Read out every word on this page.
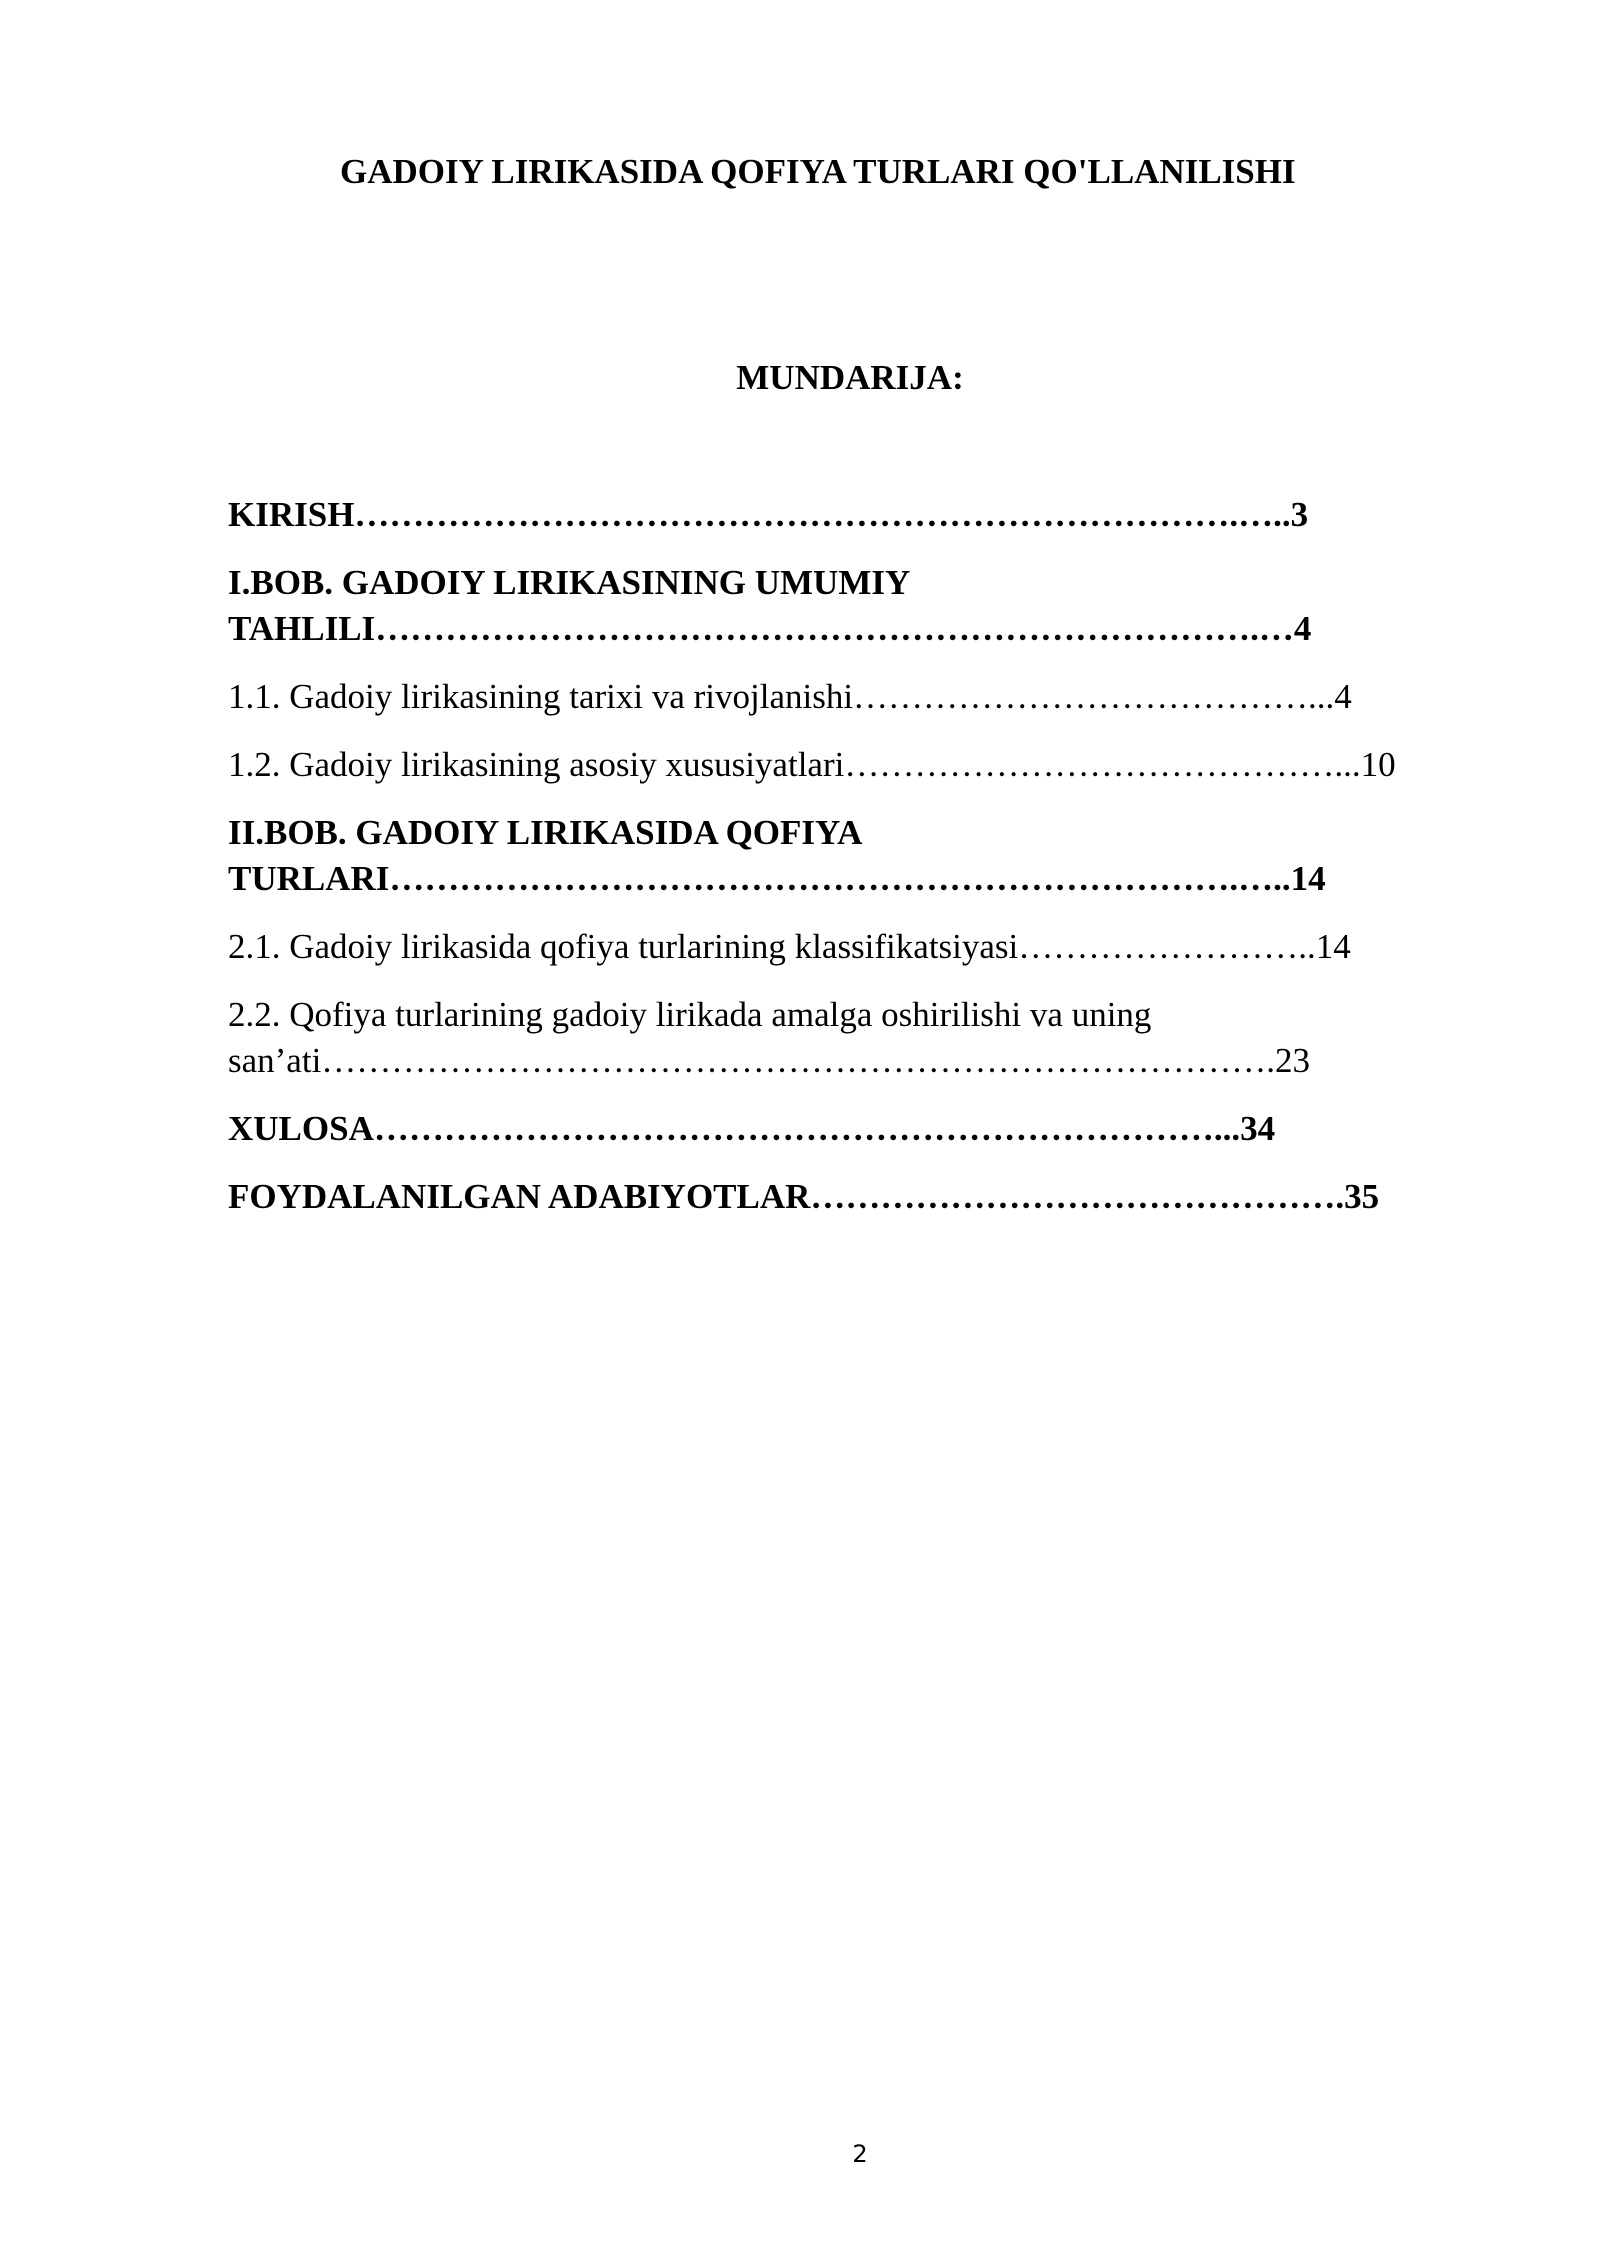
GADOIY LIRIKASIDA QOFIYA TURLARI QO'LLANILISHI
MUNDARIJA:
KIRISH………………………………………………………………….…..3
I.BOB. GADOIY LIRIKASINING UMUMIY
TAHLILI………………………………………………………………….…4
1.1. Gadoiy lirikasining tarixi va rivojlanishi…………………………………...4
1.2. Gadoiy lirikasining asosiy xususiyatlari……………………………………...10
II.BOB. GADOIY LIRIKASIDA QOFIYA
TURLARI……………………………………………………………….…..14
2.1. Gadoiy lirikasida qofiya turlarining klassifikatsiyasi……………………..14
2.2. Qofiya turlarining gadoiy lirikada amalga oshirilishi va uning
san’ati……………………………………………………………………….23
XULOSA………………………………………………………………...34
FOYDALANILGAN ADABIYOTLAR……………………………………….35
2
